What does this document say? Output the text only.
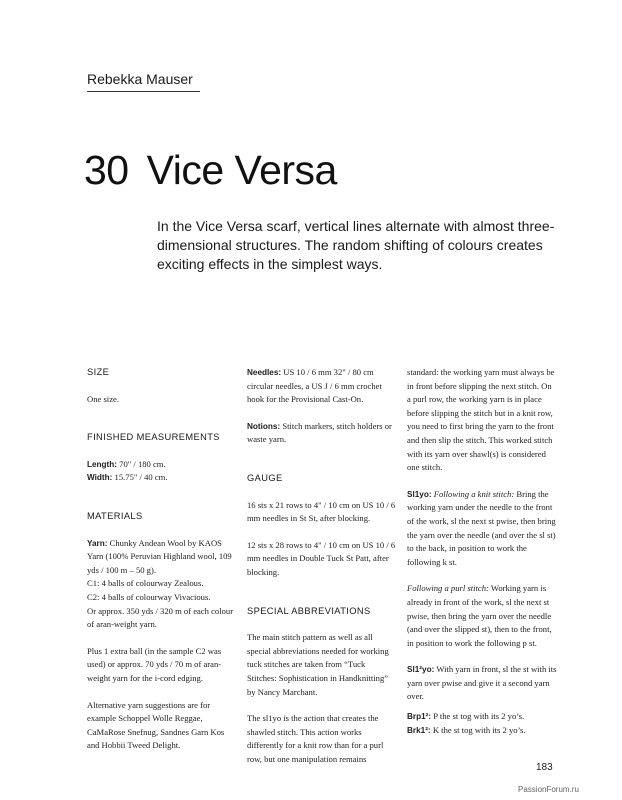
Rebekka Mauser
30 Vice Versa
In the Vice Versa scarf, vertical lines alternate with almost three-dimensional structures. The random shifting of colours creates exciting effects in the simplest ways.
SIZE

One size.

FINISHED MEASUREMENTS

Length: 70" / 180 cm.
Width: 15.75" / 40 cm.

MATERIALS

Yarn: Chunky Andean Wool by KAOS Yarn (100% Peruvian Highland wool, 109 yds / 100 m – 50 g).
C1: 4 balls of colourway Zealous.
C2: 4 balls of colourway Vivacious.
Or approx. 350 yds / 320 m of each colour of aran-weight yarn.

Plus 1 extra ball (in the sample C2 was used) or approx. 70 yds / 70 m of aran-weight yarn for the i-cord edging.

Alternative yarn suggestions are for example Schoppel Wolle Reggae, CaMaRose Snefnug, Sandnes Garn Kos and Hobbii Tweed Delight.

Needles: US 10 / 6 mm 32" / 80 cm circular needles, a US J / 6 mm crochet hook for the Provisional Cast-On.

Notions: Stitch markers, stitch holders or waste yarn.

GAUGE

16 sts x 21 rows to 4" / 10 cm on US 10 / 6 mm needles in St St, after blocking.

12 sts x 28 rows to 4" / 10 cm on US 10 / 6 mm needles in Double Tuck St Patt, after blocking.

SPECIAL ABBREVIATIONS

The main stitch pattern as well as all special abbreviations needed for working tuck stitches are taken from “Tuck Stitches: Sophistication in Handknitting” by Nancy Marchant.

The sl1yo is the action that creates the shawled stitch. This action works differently for a knit row than for a purl row, but one manipulation remains

standard: the working yarn must always be in front before slipping the next stitch. On a purl row, the working yarn is in place before slipping the stitch but in a knit row, you need to first bring the yarn to the front and then slip the stitch. This worked stitch with its yarn over shawl(s) is considered one stitch.

Sl1yo: Following a knit stitch: Bring the working yarn under the needle to the front of the work, sl the next st pwise, then bring the yarn over the needle (and over the sl st) to the back, in position to work the following k st.

Following a purl stitch: Working yarn is already in front of the work, sl the next st pwise, then bring the yarn over the needle (and over the slipped st), then to the front, in position to work the following p st.

Sl1²yo: With yarn in front, sl the st with its yarn over pwise and give it a second yarn over.

Brp1²: P the st tog with its 2 yo’s.
Brk1²: K the st tog with its 2 yo’s.

183
PassionForum.ru
